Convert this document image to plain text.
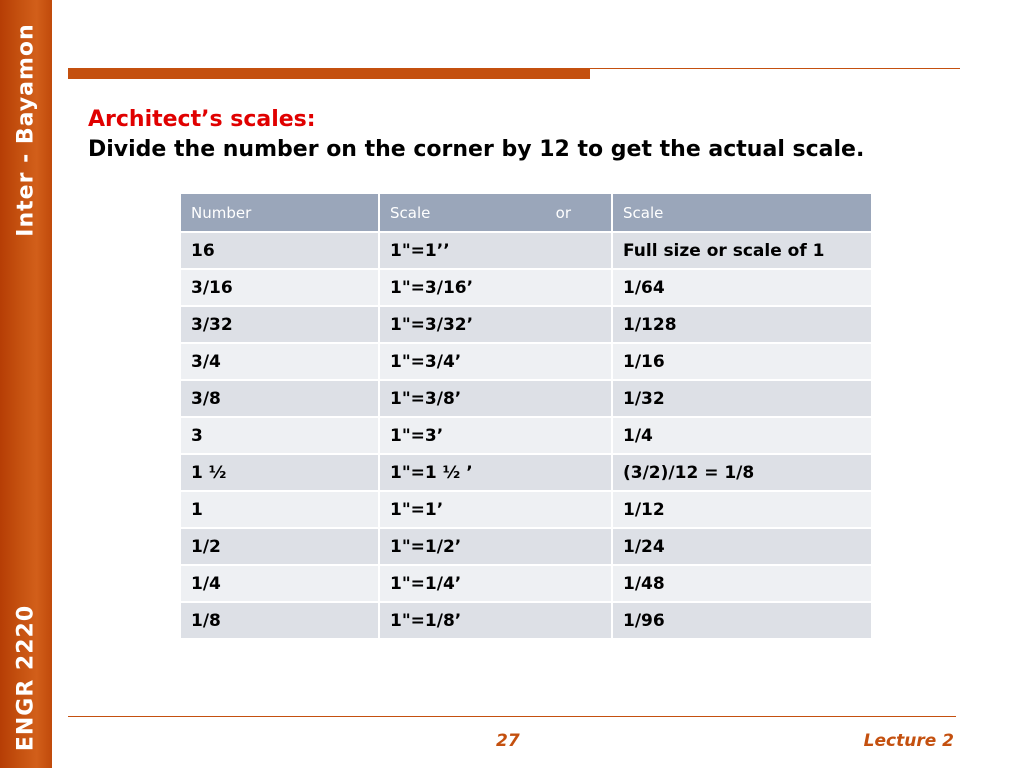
Inter - Bayamon
ENGR 2220
Architect’s scales:
Divide the number on the corner by 12 to get the actual scale.
Number	Scale or	Scale
16	1"=1’’	Full size or scale of 1
3/16	1"=3/16’	1/64
3/32	1"=3/32’	1/128
3/4	1"=3/4’	1/16
3/8	1"=3/8’	1/32
3	1"=3’	1/4
1 ½	1"=1 ½ ’	(3/2)/12 = 1/8
1	1"=1’	1/12
1/2	1"=1/2’	1/24
1/4	1"=1/4’	1/48
1/8	1"=1/8’	1/96
27	Lecture 2
